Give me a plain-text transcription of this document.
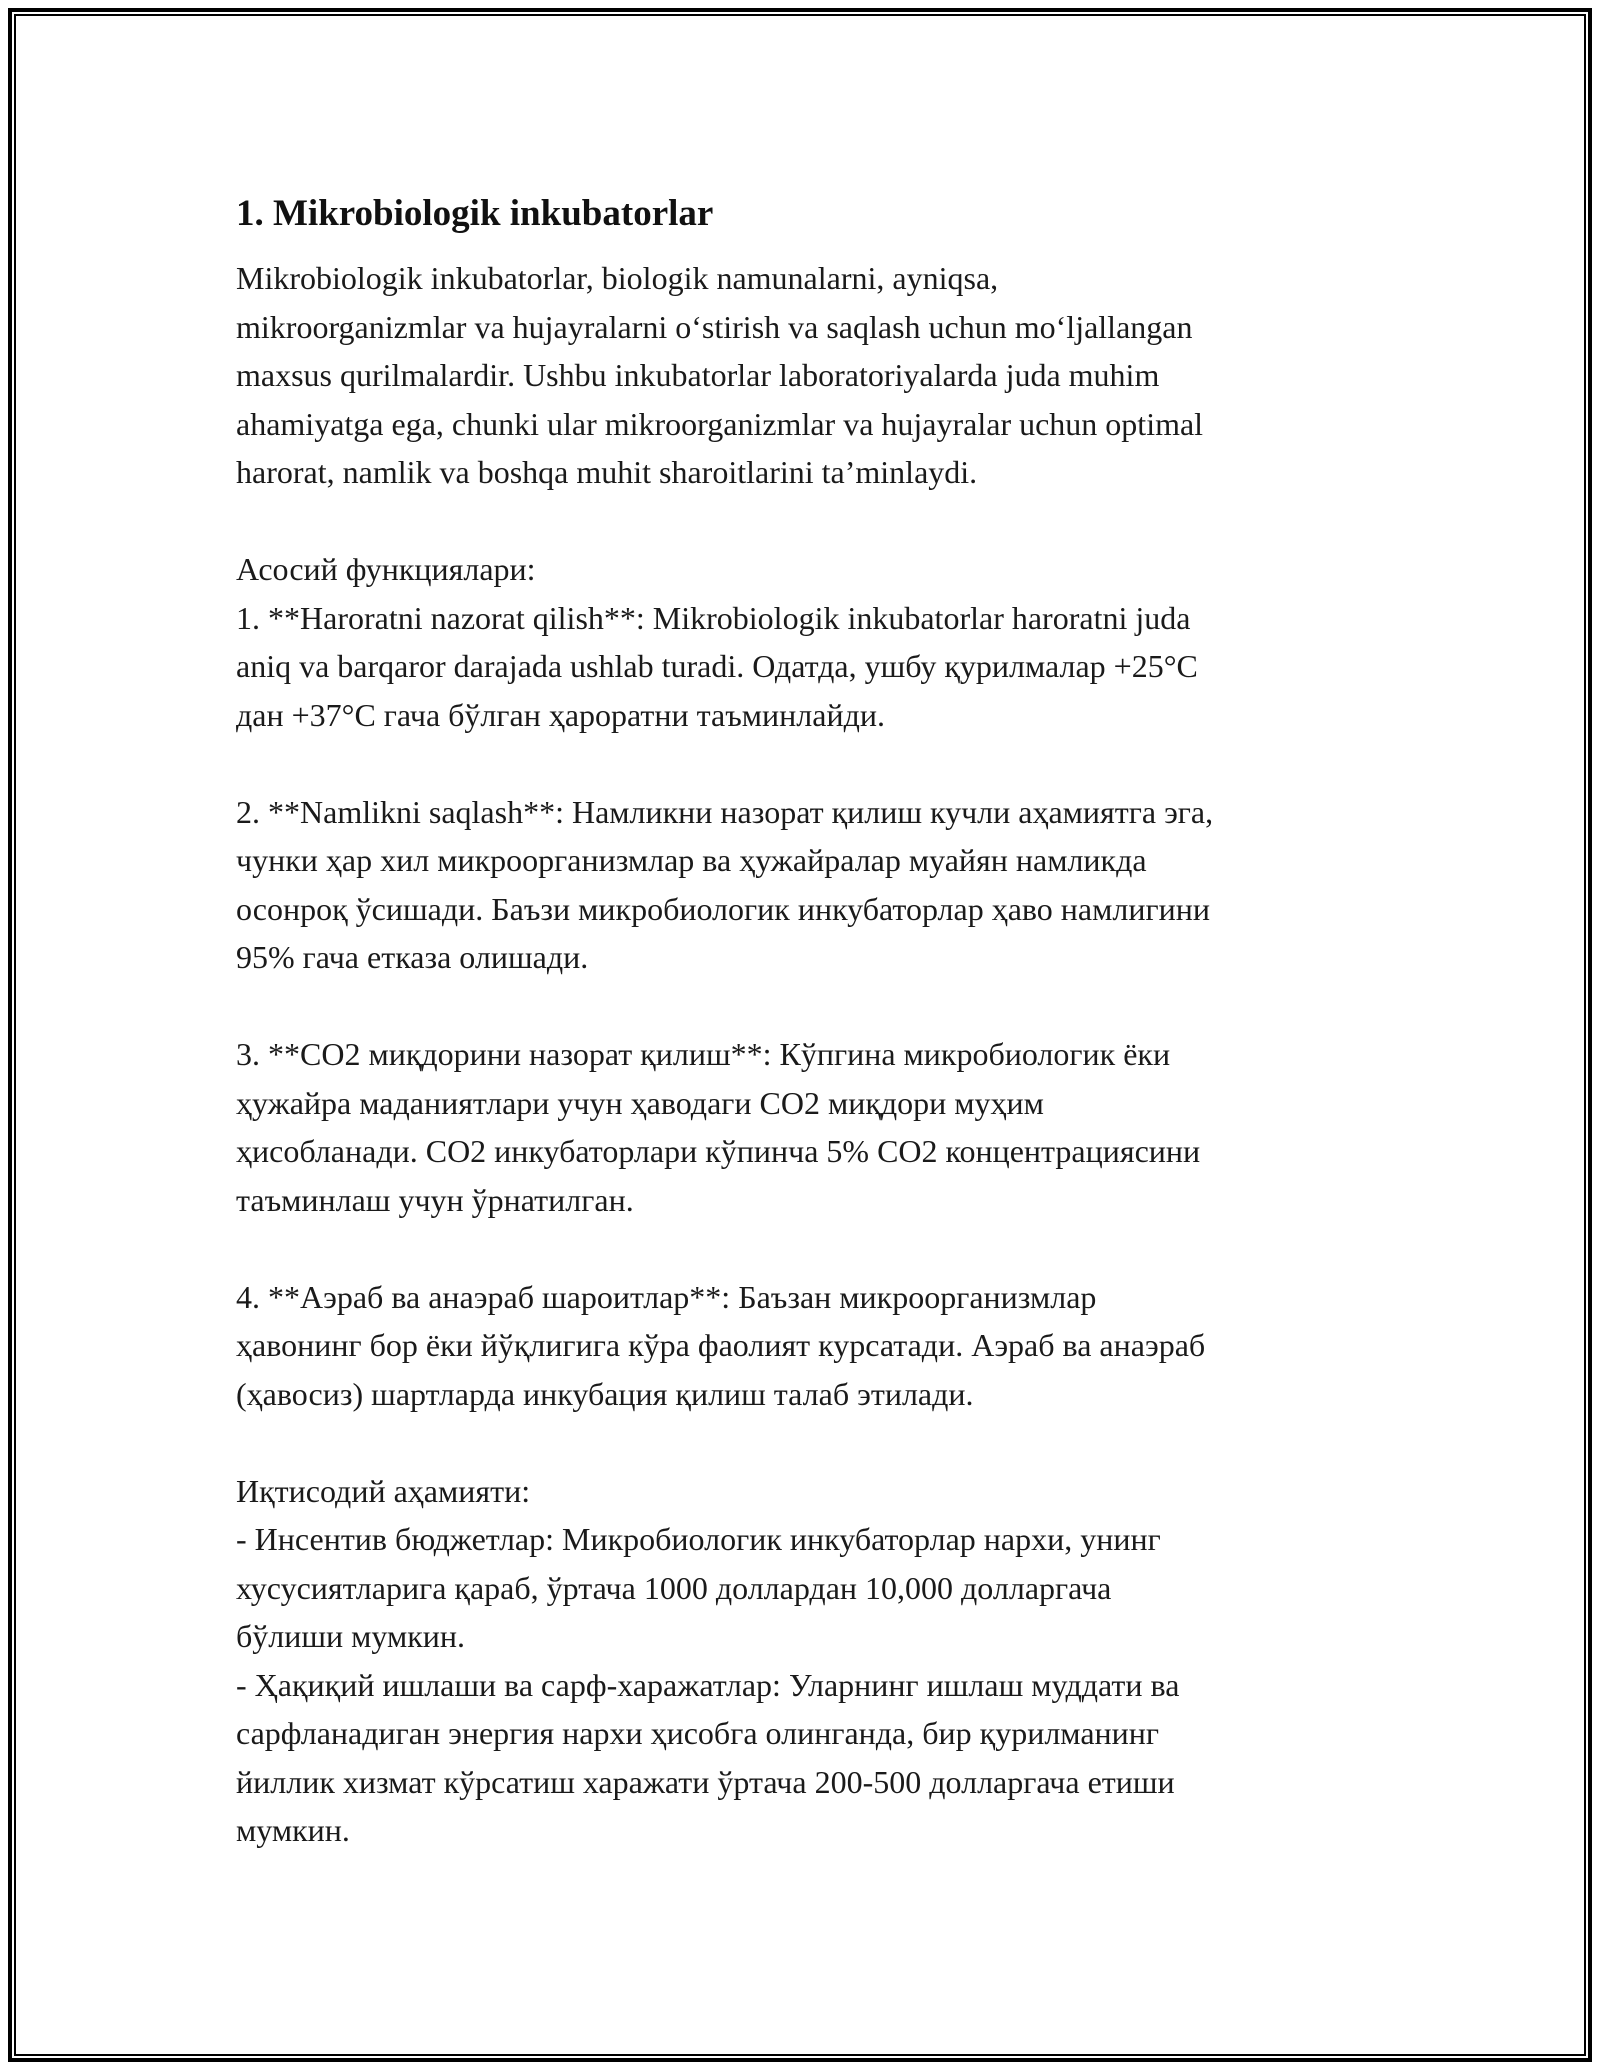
1. Mikrobiologik inkubatorlar

Mikrobiologik inkubatorlar, biologik namunalarni, ayniqsa,
mikroorganizmlar va hujayralarni o‘stirish va saqlash uchun mo‘ljallangan
maxsus qurilmalardir. Ushbu inkubatorlar laboratoriyalarda juda muhim
ahamiyatga ega, chunki ular mikroorganizmlar va hujayralar uchun optimal
harorat, namlik va boshqa muhit sharoitlarini ta’minlaydi.

Асосий функциялари:

1. **Haroratni nazorat qilish**: Mikrobiologik inkubatorlar haroratni juda
aniq va barqaror darajada ushlab turadi. Одатда, ушбу қурилмалар +25°C
дан +37°C гача бўлган ҳароратни таъминлайди.

2. **Namlikni saqlash**: Намликни назорат қилиш кучли аҳамиятга эга,
чунки ҳар хил микроорганизмлар ва ҳужайралар муайян намликда
осонроқ ўсишади. Баъзи микробиологик инкубаторлар ҳаво намлигини
95% гача етказа олишади.

3. **CO2 миқдорини назорат қилиш**: Кўпгина микробиологик ёки
ҳужайра маданиятлари учун ҳаводаги CO2 миқдори муҳим
ҳисобланади. CO2 инкубаторлари кўпинча 5% CO2 концентрациясини
таъминлаш учун ўрнатилган.

4. **Аэраб ва анаэраб шароитлар**: Баъзан микроорганизмлар
ҳавонинг бор ёки йўқлигига кўра фаолият курсатади. Аэраб ва анаэраб
(ҳавосиз) шартларда инкубация қилиш талаб этилади.

Иқтисодий аҳамияти:

- Инсентив бюджетлар: Микробиологик инкубаторлар нархи, унинг
хусусиятларига қараб, ўртача 1000 доллардан 10,000 долларгача
бўлиши мумкин.

- Ҳақиқий ишлаши ва сарф-харажатлар: Уларнинг ишлаш муддати ва
сарфланадиган энергия нархи ҳисобга олинганда, бир қурилманинг
йиллик хизмат кўрсатиш харажати ўртача 200-500 долларгача етиши
мумкин.
